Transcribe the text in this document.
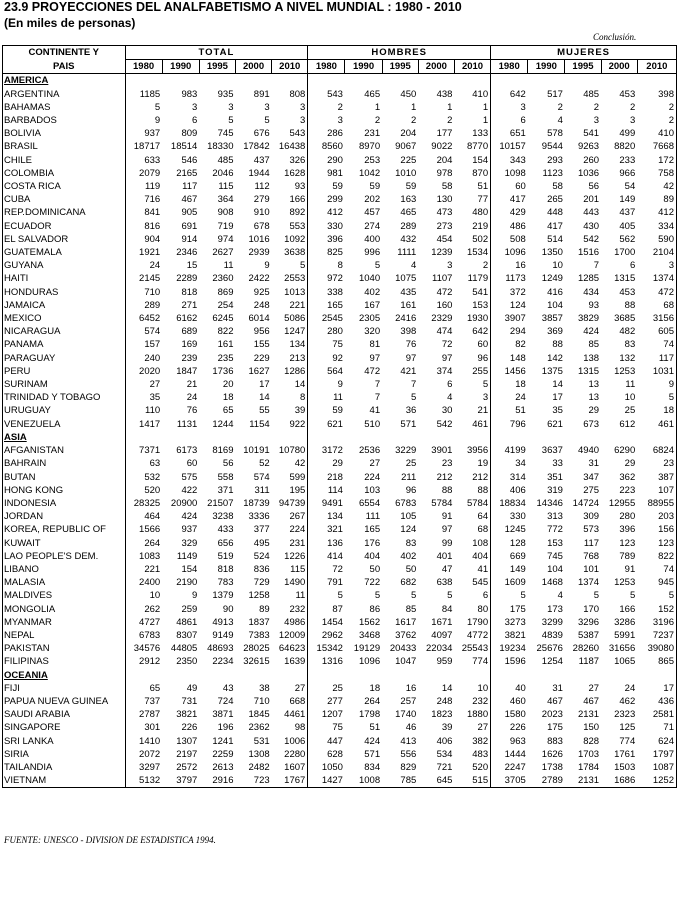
23.9 PROYECCIONES DEL ANALFABETISMO A NIVEL MUNDIAL : 1980 - 2010
(En miles de personas)
Conclusión.
CONTINENTE Y	TOTAL					HOMBRES					MUJERES				
PAIS	1980	1990	1995	2000	2010	1980	1990	1995	2000	2010	1980	1990	1995	2000	2010
AMERICA															
ARGENTINA	1185	983	935	891	808	543	465	450	438	410	642	517	485	453	398
BAHAMAS	5	3	3	3	3	2	1	1	1	1	3	2	2	2	2
BARBADOS	9	6	5	5	3	3	2	2	2	1	6	4	3	3	2
BOLIVIA	937	809	745	676	543	286	231	204	177	133	651	578	541	499	410
BRASIL	18717	18514	18330	17842	16438	8560	8970	9067	9022	8770	10157	9544	9263	8820	7668
CHILE	633	546	485	437	326	290	253	225	204	154	343	293	260	233	172
COLOMBIA	2079	2165	2046	1944	1628	981	1042	1010	978	870	1098	1123	1036	966	758
COSTA RICA	119	117	115	112	93	59	59	59	58	51	60	58	56	54	42
CUBA	716	467	364	279	166	299	202	163	130	77	417	265	201	149	89
REP.DOMINICANA	841	905	908	910	892	412	457	465	473	480	429	448	443	437	412
ECUADOR	816	691	719	678	553	330	274	289	273	219	486	417	430	405	334
EL SALVADOR	904	914	974	1016	1092	396	400	432	454	502	508	514	542	562	590
GUATEMALA	1921	2346	2627	2939	3638	825	996	1111	1239	1534	1096	1350	1516	1700	2104
GUYANA	24	15	11	9	5	8	5	4	3	2	16	10	7	6	3
HAITI	2145	2289	2360	2422	2553	972	1040	1075	1107	1179	1173	1249	1285	1315	1374
HONDURAS	710	818	869	925	1013	338	402	435	472	541	372	416	434	453	472
JAMAICA	289	271	254	248	221	165	167	161	160	153	124	104	93	88	68
MEXICO	6452	6162	6245	6014	5086	2545	2305	2416	2329	1930	3907	3857	3829	3685	3156
NICARAGUA	574	689	822	956	1247	280	320	398	474	642	294	369	424	482	605
PANAMA	157	169	161	155	134	75	81	76	72	60	82	88	85	83	74
PARAGUAY	240	239	235	229	213	92	97	97	97	96	148	142	138	132	117
PERU	2020	1847	1736	1627	1286	564	472	421	374	255	1456	1375	1315	1253	1031
SURINAM	27	21	20	17	14	9	7	7	6	5	18	14	13	11	9
TRINIDAD Y TOBAGO	35	24	18	14	8	11	7	5	4	3	24	17	13	10	5
URUGUAY	110	76	65	55	39	59	41	36	30	21	51	35	29	25	18
VENEZUELA	1417	1131	1244	1154	922	621	510	571	542	461	796	621	673	612	461
ASIA															
AFGANISTAN	7371	6173	8169	10191	10780	3172	2536	3229	3901	3956	4199	3637	4940	6290	6824
BAHRAIN	63	60	56	52	42	29	27	25	23	19	34	33	31	29	23
BUTAN	532	575	558	574	599	218	224	211	212	212	314	351	347	362	387
HONG KONG	520	422	371	311	195	114	103	96	88	88	406	319	275	223	107
INDONESIA	28325	20900	21507	18739	94739	9491	6554	6783	5784	5784	18834	14346	14724	12955	88955
JORDAN	464	424	3238	3336	267	134	111	105	91	64	330	313	309	280	203
KOREA, REPUBLIC OF	1566	937	433	377	224	321	165	124	97	68	1245	772	573	396	156
KUWAIT	264	329	656	495	231	136	176	83	99	108	128	153	117	123	123
LAO PEOPLE'S DEM.	1083	1149	519	524	1226	414	404	402	401	404	669	745	768	789	822
LIBANO	221	154	818	836	115	72	50	50	47	41	149	104	101	91	74
MALASIA	2400	2190	783	729	1490	791	722	682	638	545	1609	1468	1374	1253	945
MALDIVES	10	9	1379	1258	11	5	5	5	5	6	5	4	5	5	5
MONGOLIA	262	259	90	89	232	87	86	85	84	80	175	173	170	166	152
MYANMAR	4727	4861	4913	1837	4986	1454	1562	1617	1671	1790	3273	3299	3296	3286	3196
NEPAL	6783	8307	9149	7383	12009	2962	3468	3762	4097	4772	3821	4839	5387	5991	7237
PAKISTAN	34576	44805	48693	28025	64623	15342	19129	20433	22034	25543	19234	25676	28260	31656	39080
FILIPINAS	2912	2350	2234	32615	1639	1316	1096	1047	959	774	1596	1254	1187	1065	865
OCEANIA															
FIJI	65	49	43	38	27	25	18	16	14	10	40	31	27	24	17
PAPUA NUEVA GUINEA	737	731	724	710	668	277	264	257	248	232	460	467	467	462	436
SAUDI ARABIA	2787	3821	3871	1845	4461	1207	1798	1740	1823	1880	1580	2023	2131	2323	2581
SINGAPORE	301	226	196	2362	98	75	51	46	39	27	226	175	150	125	71
SRI LANKA	1410	1307	1241	531	1006	447	424	413	406	382	963	883	828	774	624
SIRIA	2072	2197	2259	1308	2280	628	571	556	534	483	1444	1626	1703	1761	1797
TAILANDIA	3297	2572	2613	2482	1607	1050	834	829	721	520	2247	1738	1784	1503	1087
VIETNAM	5132	3797	2916	723	1767	1427	1008	785	645	515	3705	2789	2131	1686	1252
FUENTE: UNESCO - DIVISION DE ESTADISTICA 1994.
